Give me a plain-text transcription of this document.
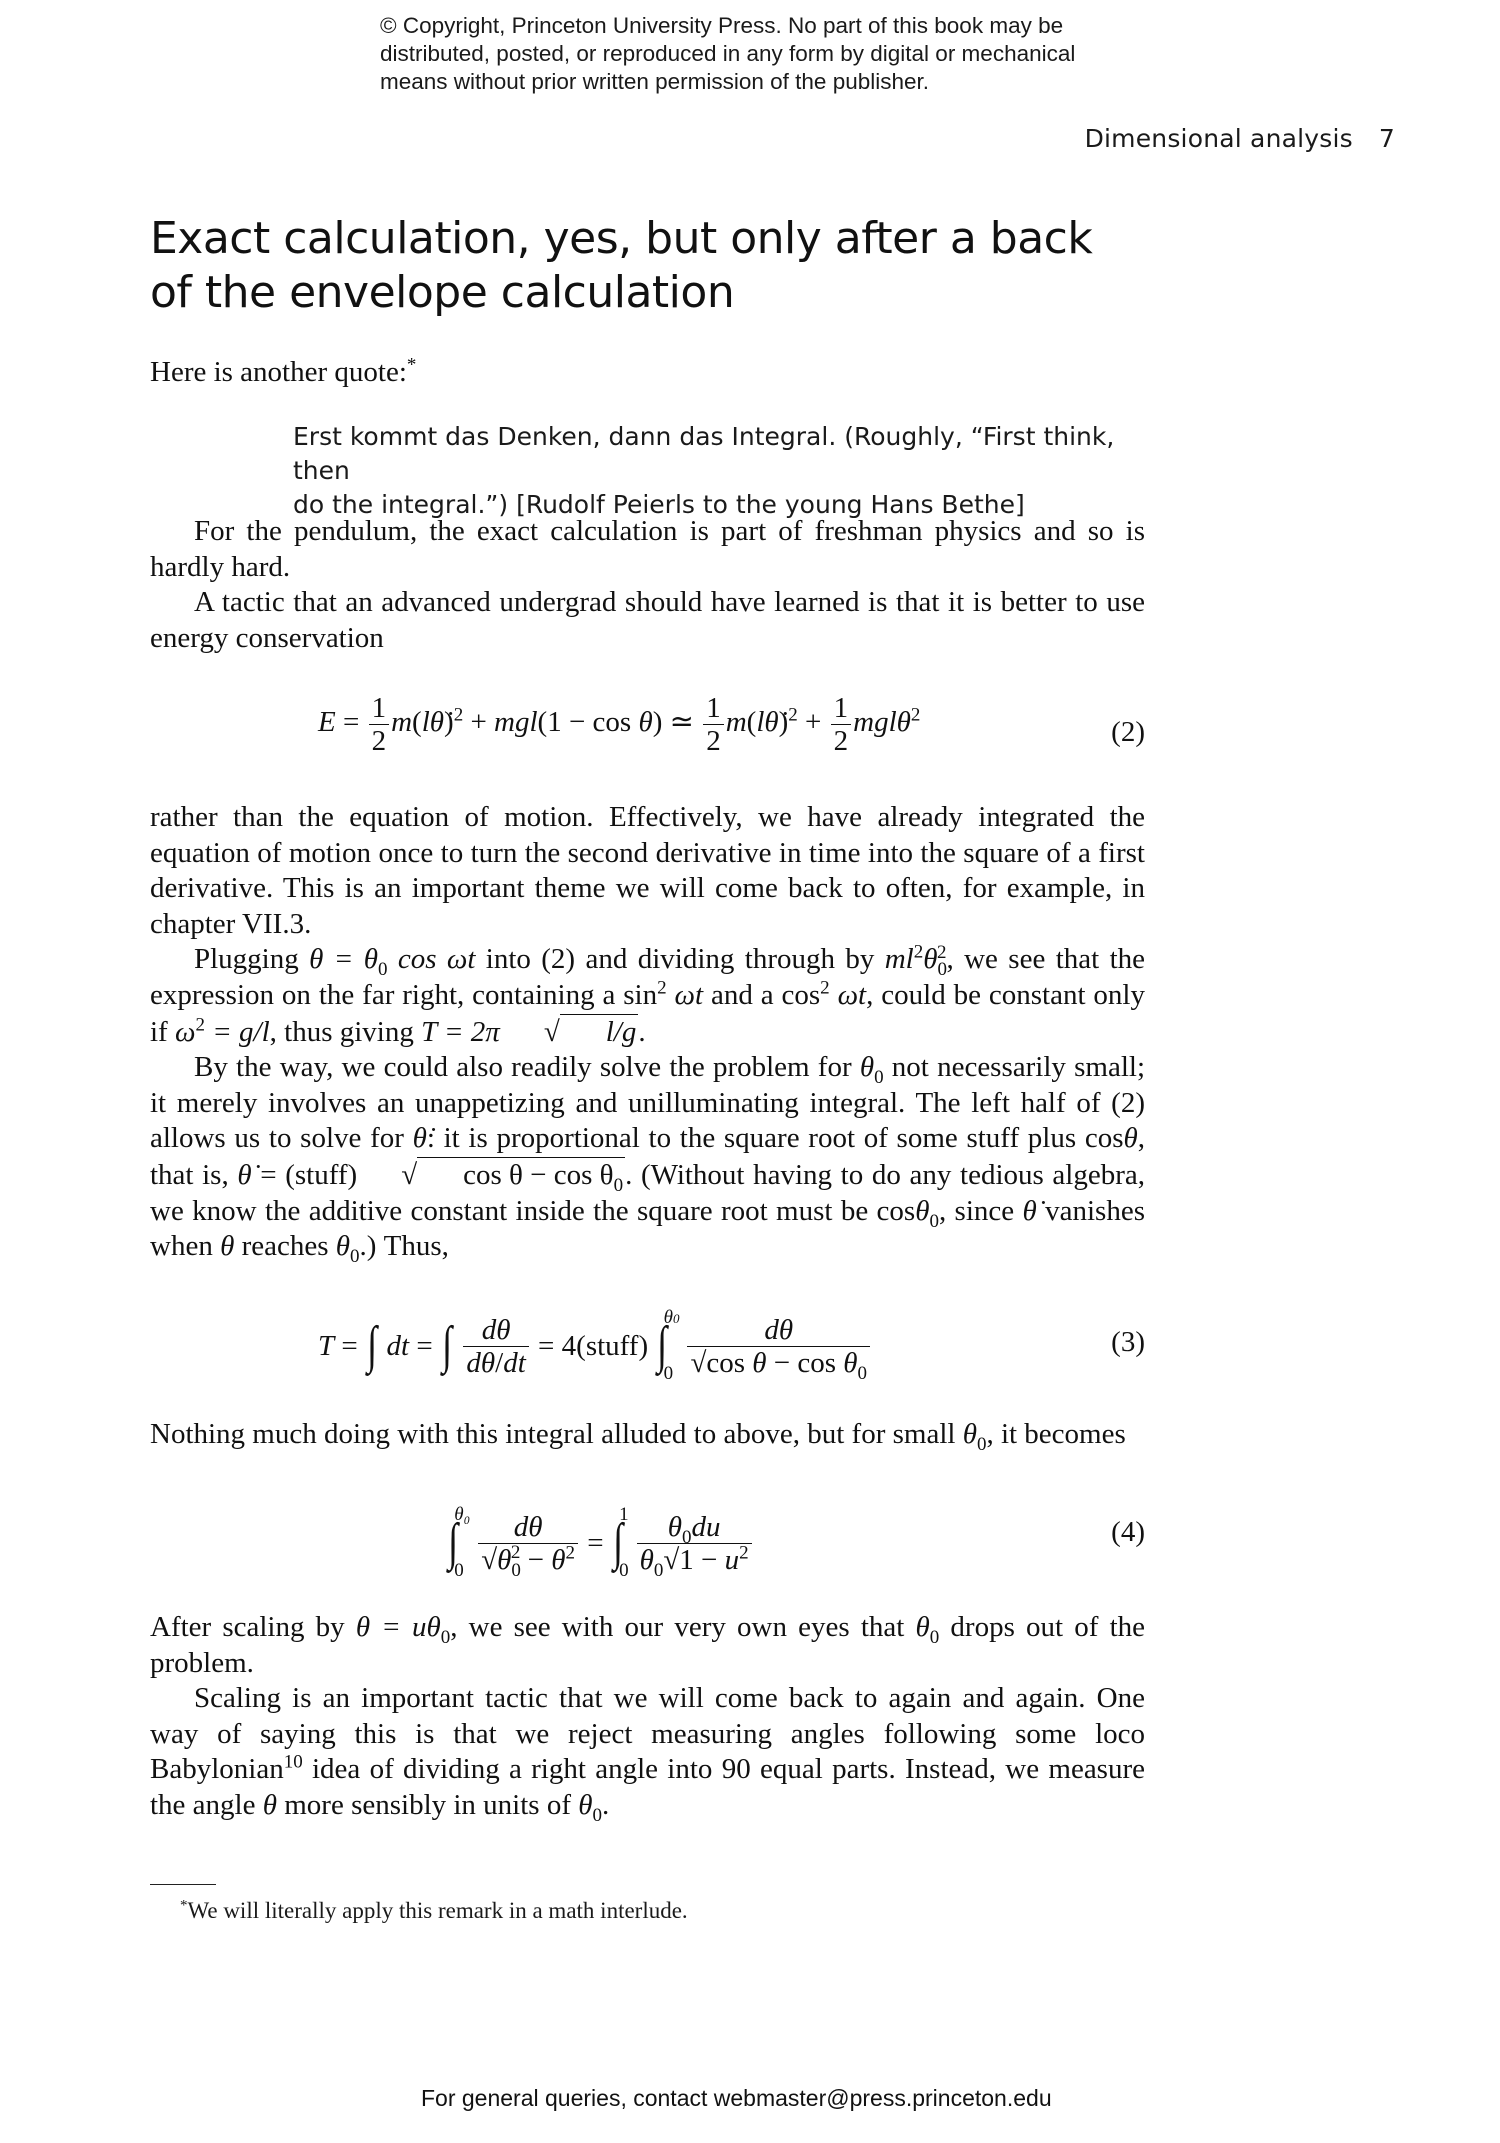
© Copyright, Princeton University Press. No part of this book may be
distributed, posted, or reproduced in any form by digital or mechanical
means without prior written permission of the publisher.
Dimensional analysis 7
Exact calculation, yes, but only after a back
of the envelope calculation
Here is another quote:*
Erst kommt das Denken, dann das Integral. (Roughly, “First think, then
do the integral.”) [Rudolf Peierls to the young Hans Bethe]

For the pendulum, the exact calculation is part of freshman physics and so is hardly hard.

A tactic that an advanced undergrad should have learned is that it is better to use energy conservation

$E = \frac{1}{2}$ m(lθ̇)$^2$ + mgl(1 − cos θ) ≃ $\frac{1}{2}$ m(lθ̇)$^2$ + $\frac{1}{2} mgl\theta^2$
(2)

rather than the equation of motion. Effectively, we have already integrated the equation of motion once to turn the second derivative in time into the square of a first derivative. This is an important theme we will come back to often, for example, in chapter VII.3.

Plugging $\theta = \theta_0$ cos ωt into (2) and dividing through by $ml^2\theta_0^2$, we see that the expression on the far right, containing a $\sin^2 \omega t$ and a $\cos^2 \omega t$, could be constant only if $\omega^2 = g/l$, thus giving T = 2π	√	l/g .

By the way, we could also readily solve the problem for $\theta_0$ not necessarily small; it merely involves an unappetizing and unilluminating integral. The left half of (2) allows us to solve for θ̇: it is proportional to the square root of some stuff plus cosθ, that is, θ̇ = (stuff)	√	$\cos \theta - \cos \theta_0$ . (Without having to do any tedious algebra, we know the additive constant inside the square root must be cosθ$_0$, since θ̇ vanishes when θ reaches $\theta_0$.) Thus,

T = ∫
dt = ∫
$\frac{d\theta}{d\theta/dt}$ = 4(stuff)
∫
θ0
$0 \frac{d\theta}{√\cos \theta - \cos \theta_0}$	(3)

Nothing much doing with this integral alluded to above, but for small $\theta_0$, it becomes

∫
θ₀
$0 \frac{d\theta}{√\theta_0^2 - \theta^2}$ = ∫
1
$0 \frac{\theta_0du}{\theta_0√1 - u^2}$	(4)

After scaling by $\theta = u\theta_0$, we see with our very own eyes that $\theta_0$ drops out of the problem.

Scaling is an important tactic that we will come back to again and again. One way of saying this is that we reject measuring angles following some loco Babylonian$^{10}$ idea of dividing a right angle into 90 equal parts. Instead, we measure the angle θ more sensibly in units of $\theta_0$.

*We will literally apply this remark in a math interlude.
For general queries, contact webmaster@press.princeton.edu
